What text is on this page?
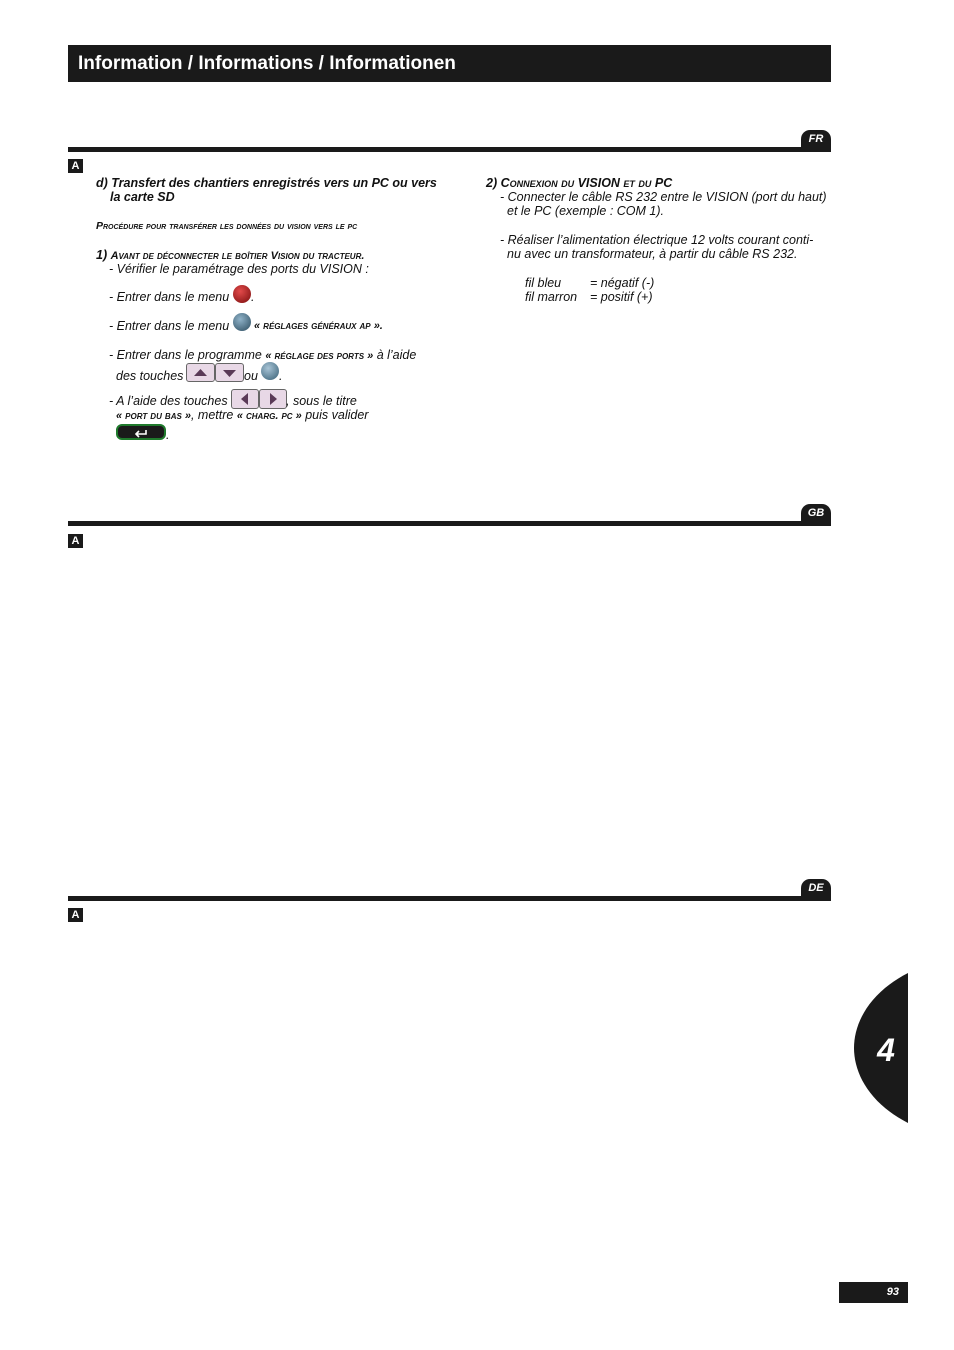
Information / Informations / Informationen
FR
A
d) Transfert des chantiers enregistrés vers un PC ou vers
la carte SD
Procédure pour transférer les données du vision vers le pc
1) Avant de déconnecter le boîtier Vision du tracteur.
- Vérifier le paramétrage des ports du VISION :
- Entrer dans le menu .
- Entrer dans le menu « réglages généraux ap ».
- Entrer dans le programme « réglage des ports » à l’aide
des touches	ou .
- A l’aide des touches	, sous le titre
« port du bas », mettre « charg. pc » puis valider
.
2) Connexion du VISION et du PC
- Connecter le câble RS 232 entre le VISION (port du haut)
et le PC (exemple : COM 1).
- Réaliser l’alimentation électrique 12 volts courant conti-
nu avec un transformateur, à partir du câble RS 232.
fil bleu = négatif (-)
fil marron = positif (+)
GB
A
DE
A
4
93
